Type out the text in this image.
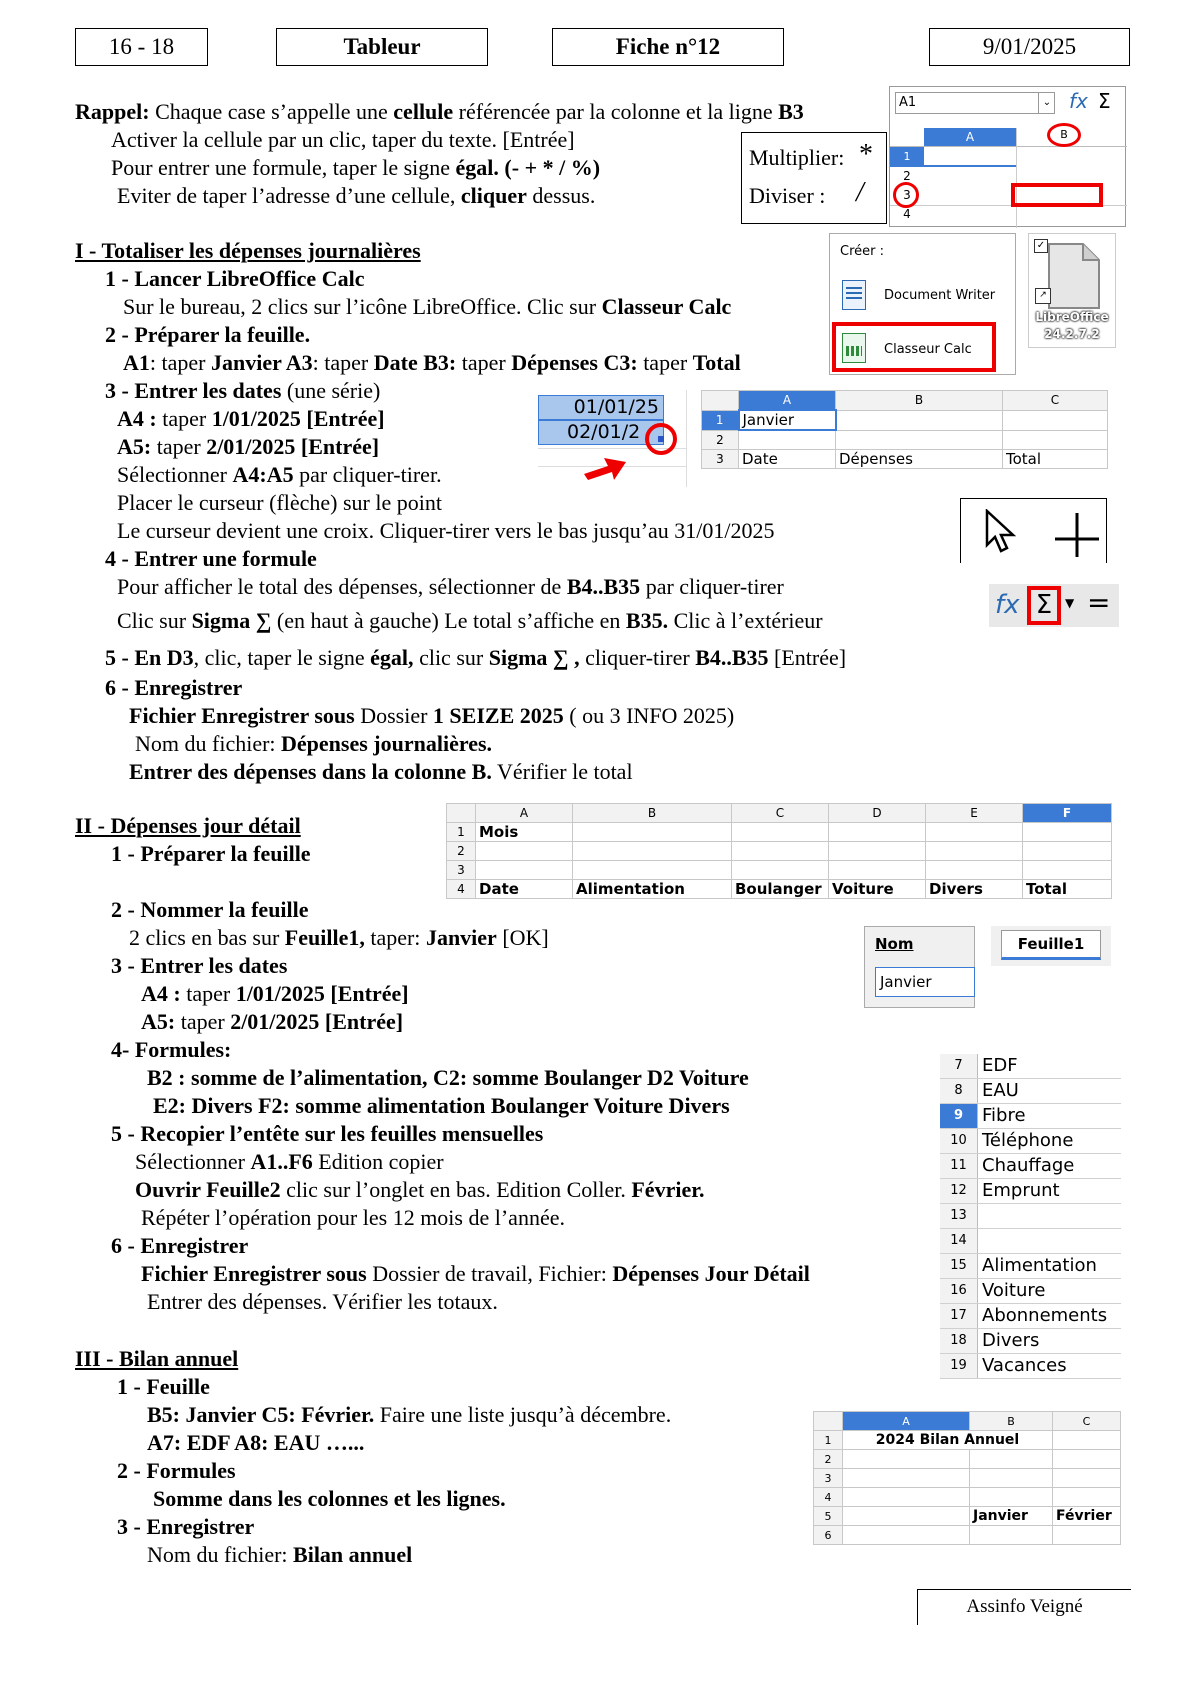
16 - 18	Tableur	Fiche n°12	9/01/2025
Rappel: Chaque case s’appelle une cellule référencée par la colonne et la ligne B3
Activer la cellule par un clic, taper du texte. [Entrée]
Pour entrer une formule, taper le signe égal. (- + * / %)
Eviter de taper l’adresse d’une cellule, cliquer dessus.
Multiplier: *
Diviser : /
A1	⌄ fx Σ
A
1
2
3
4
B
Créer :
Document Writer
Classeur Calc
✓
↗
LibreOffice
24.2.7.2
I - Totaliser les dépenses journalières
1 - Lancer LibreOffice Calc
Sur le bureau, 2 clics sur l’icône LibreOffice. Clic sur Classeur Calc
2 - Préparer la feuille.
A1: taper Janvier A3: taper Date B3: taper Dépenses C3: taper Total
3 - Entrer les dates (une série)
A4 : taper 1/01/2025 [Entrée]
A5: taper 2/01/2025 [Entrée]
Sélectionner A4:A5 par cliquer-tirer.
Placer le curseur (flèche) sur le point
Le curseur devient une croix. Cliquer-tirer vers le bas jusqu’au 31/01/2025
4 - Entrer une formule
Pour afficher le total des dépenses, sélectionner de B4..B35 par cliquer-tirer
Clic sur Sigma ∑ (en haut à gauche) Le total s’affiche en B35. Clic à l’extérieur
5 - En D3, clic, taper le signe égal, clic sur Sigma ∑ , cliquer-tirer B4..B35 [Entrée]
6 - Enregistrer
Fichier Enregistrer sous Dossier 1 SEIZE 2025 ( ou 3 INFO 2025)
Nom du fichier: Dépenses journalières.
Entrer des dépenses dans la colonne B. Vérifier le total
01/01/25
02/01/2
	A	B	C
1	Janvier		
2			
3	Date	Dépenses	Total
fx Σ	▼ =
II - Dépenses jour détail
1 - Préparer la feuille
2 - Nommer la feuille
2 clics en bas sur Feuille1, taper: Janvier [OK]
3 - Entrer les dates
A4 : taper 1/01/2025 [Entrée]
A5: taper 2/01/2025 [Entrée]
4- Formules:
B2 : somme de l’alimentation, C2: somme Boulanger D2 Voiture
E2: Divers F2: somme alimentation Boulanger Voiture Divers
5 - Recopier l’entête sur les feuilles mensuelles
Sélectionner A1..F6 Edition copier
Ouvrir Feuille2 clic sur l’onglet en bas. Edition Coller. Février.
Répéter l’opération pour les 12 mois de l’année.
6 - Enregistrer
Fichier Enregistrer sous Dossier de travail, Fichier: Dépenses Jour Détail
Entrer des dépenses. Vérifier les totaux.
	A	B	C	D	E	F
1	Mois					
2						
3						
4	Date	Alimentation	Boulanger	Voiture	Divers	Total
Nom
Janvier
Feuille1
7	EDF
8	EAU
9	Fibre
10 Téléphone
11 Chauffage
12 Emprunt
13
14
15 Alimentation
16 Voiture
17 Abonnements
18 Divers
19 Vacances
III - Bilan annuel
1 - Feuille
B5: Janvier C5: Février. Faire une liste jusqu’à décembre.
A7: EDF A8: EAU …...
2 - Formules
Somme dans les colonnes et les lignes.
3 - Enregistrer
Nom du fichier: Bilan annuel
	A	B	C
1	2024 Bilan Annuel		
2			
3			
4			
5		Janvier	Février
6			
Assinfo Veigné
